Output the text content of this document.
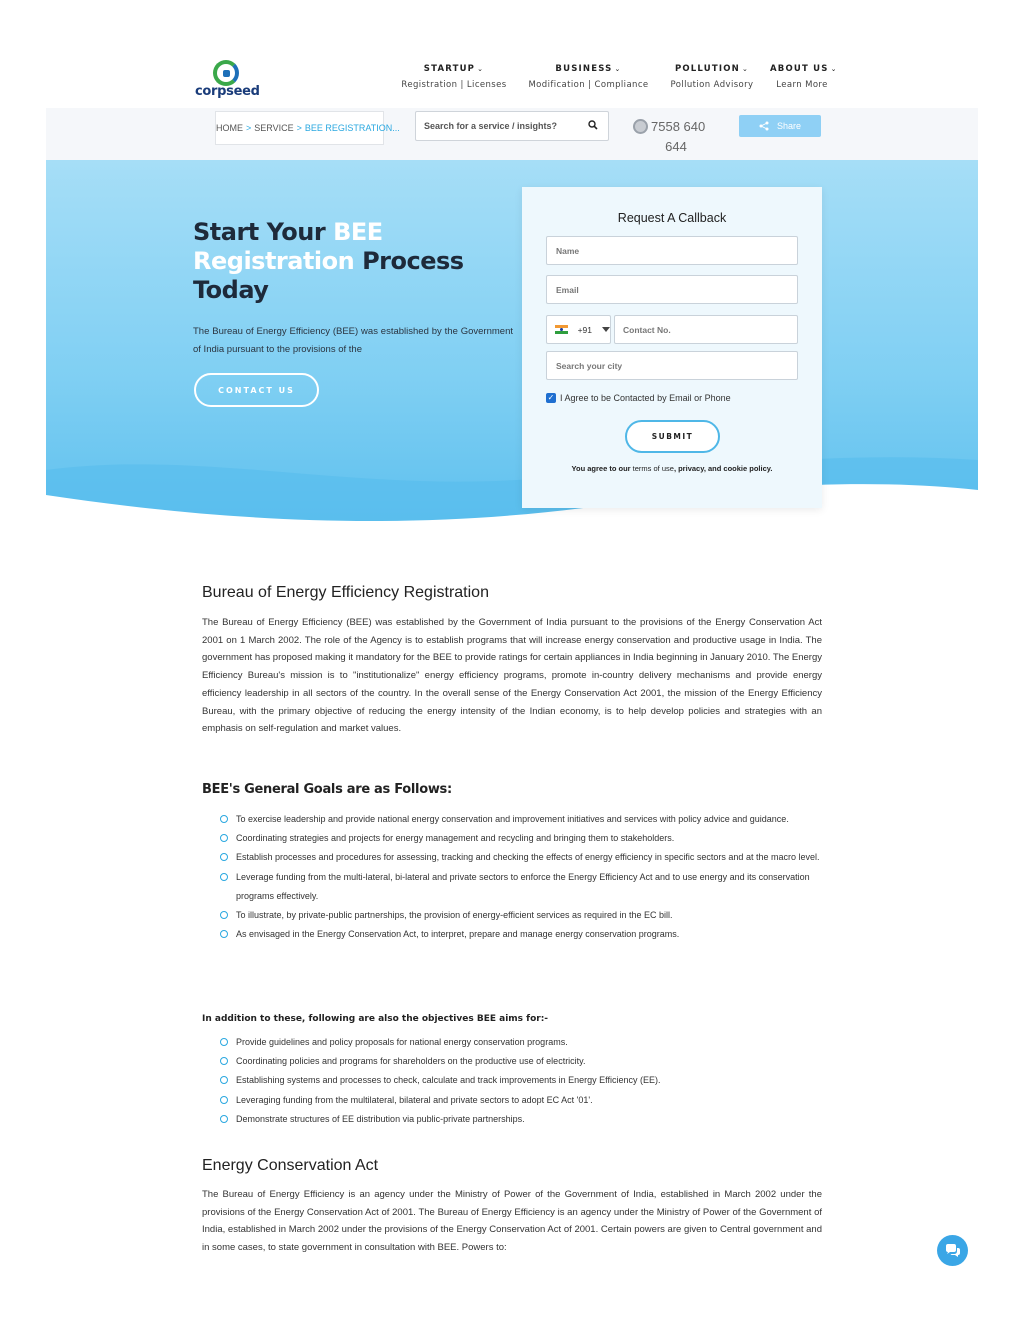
corpseed
STARTUP ⌄
Registration | Licenses
BUSINESS ⌄
Modification | Compliance
POLLUTION ⌄
Pollution Advisory
ABOUT US ⌄
Learn More
HOME > SERVICE > BEE REGISTRATION...
Search for a service / insights?	7558 640
644
Share
Start Your BEE Registration Process Today
The Bureau of Energy Efficiency (BEE) was established by the Government of India pursuant to the provisions of the
CONTACT US
Request A Callback
Name
Email
+91
Contact No.
Search your city
✓ I Agree to be Contacted by Email or Phone
SUBMIT
You agree to our terms of use, privacy, and cookie policy.
Bureau of Energy Efficiency Registration
The Bureau of Energy Efficiency (BEE) was established by the Government of India pursuant to the provisions of the Energy Conservation Act 2001 on 1 March 2002. The role of the Agency is to establish programs that will increase energy conservation and productive usage in India. The government has proposed making it mandatory for the BEE to provide ratings for certain appliances in India beginning in January 2010. The Energy Efficiency Bureau's mission is to "institutionalize" energy efficiency programs, promote in-country delivery mechanisms and provide energy efficiency leadership in all sectors of the country. In the overall sense of the Energy Conservation Act 2001, the mission of the Energy Efficiency Bureau, with the primary objective of reducing the energy intensity of the Indian economy, is to help develop policies and strategies with an emphasis on self-regulation and market values.
BEE's General Goals are as Follows:
To exercise leadership and provide national energy conservation and improvement initiatives and services with policy advice and guidance.
Coordinating strategies and projects for energy management and recycling and bringing them to stakeholders.
Establish processes and procedures for assessing, tracking and checking the effects of energy efficiency in specific sectors and at the macro level.
Leverage funding from the multi-lateral, bi-lateral and private sectors to enforce the Energy Efficiency Act and to use energy and its conservation programs effectively.
To illustrate, by private-public partnerships, the provision of energy-efficient services as required in the EC bill.
As envisaged in the Energy Conservation Act, to interpret, prepare and manage energy conservation programs.
In addition to these, following are also the objectives BEE aims for:-
Provide guidelines and policy proposals for national energy conservation programs.
Coordinating policies and programs for shareholders on the productive use of electricity.
Establishing systems and processes to check, calculate and track improvements in Energy Efficiency (EE).
Leveraging funding from the multilateral, bilateral and private sectors to adopt EC Act '01'.
Demonstrate structures of EE distribution via public-private partnerships.
Energy Conservation Act
The Bureau of Energy Efficiency is an agency under the Ministry of Power of the Government of India, established in March 2002 under the provisions of the Energy Conservation Act of 2001. The Bureau of Energy Efficiency is an agency under the Ministry of Power of the Government of India, established in March 2002 under the provisions of the Energy Conservation Act of 2001. Certain powers are given to Central government and in some cases, to state government in consultation with BEE. Powers to:
